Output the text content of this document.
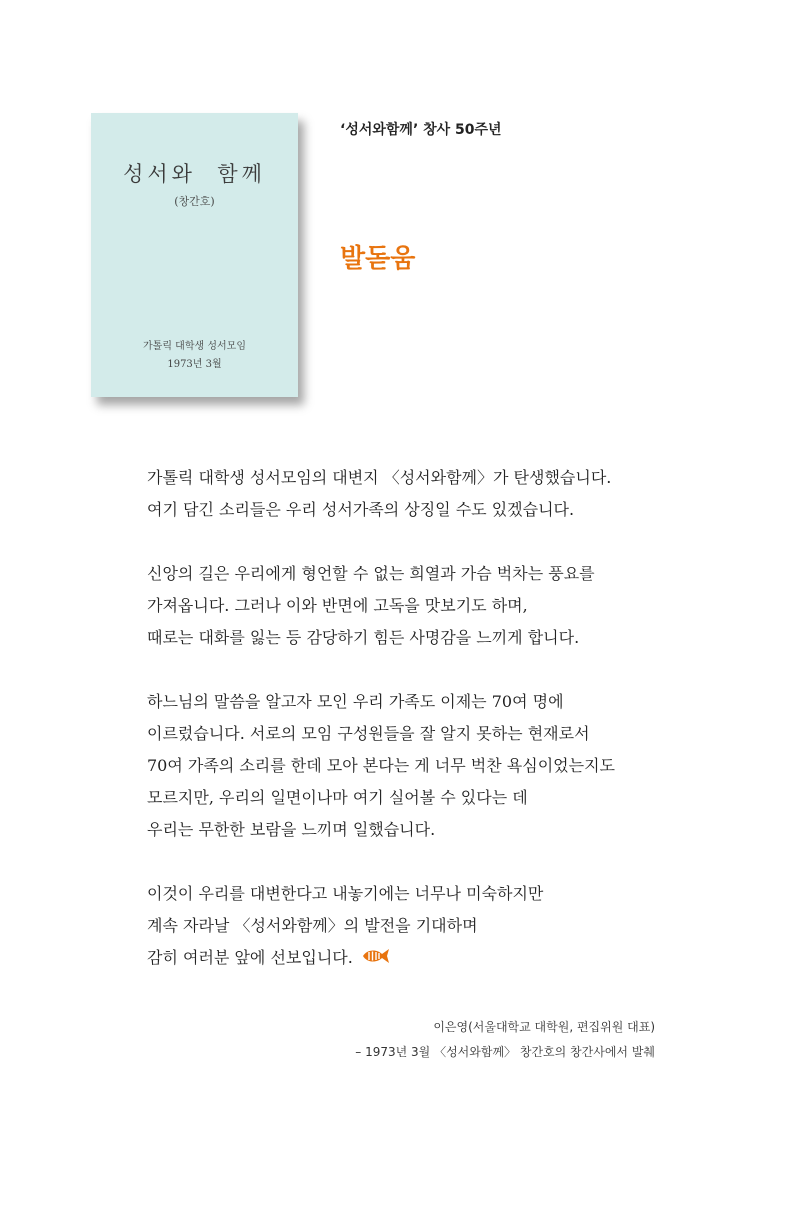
성서와  함께
(창간호)
가톨릭 대학생 성서모임
1973년 3월
‘성서와함께’ 창사 50주년
발돋움

가톨릭 대학생 성서모임의 대변지 〈성서와함께〉가 탄생했습니다.
여기 담긴 소리들은 우리 성서가족의 상징일 수도 있겠습니다.

신앙의 길은 우리에게 형언할 수 없는 희열과 가슴 벅차는 풍요를
가져옵니다. 그러나 이와 반면에 고독을 맛보기도 하며,
때로는 대화를 잃는 등 감당하기 힘든 사명감을 느끼게 합니다.

하느님의 말씀을 알고자 모인 우리 가족도 이제는 70여 명에
이르렀습니다. 서로의 모임 구성원들을 잘 알지 못하는 현재로서
70여 가족의 소리를 한데 모아 본다는 게 너무 벅찬 욕심이었는지도
모르지만, 우리의 일면이나마 여기 실어볼 수 있다는 데
우리는 무한한 보람을 느끼며 일했습니다.

이것이 우리를 대변한다고 내놓기에는 너무나 미숙하지만
계속 자라날 〈성서와함께〉의 발전을 기대하며
감히 여러분 앞에 선보입니다.

이은영(서울대학교 대학원, 편집위원 대표)
– 1973년 3월 〈성서와함께〉 창간호의 창간사에서 발췌
